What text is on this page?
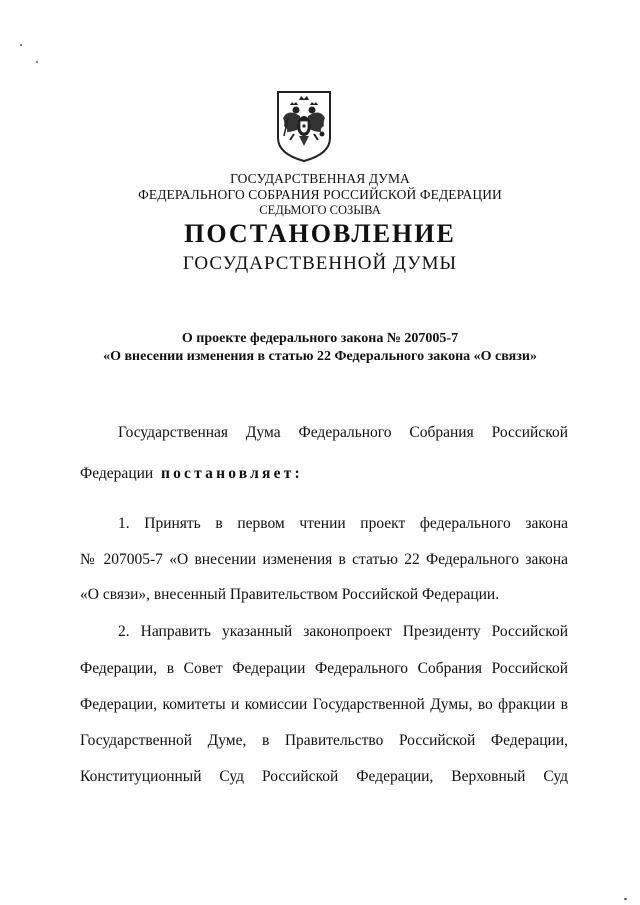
ГОСУДАРСТВЕННАЯ ДУМА
ФЕДЕРАЛЬНОГО СОБРАНИЯ РОССИЙСКОЙ ФЕДЕРАЦИИ
СЕДЬМОГО СОЗЫВА
ПОСТАНОВЛЕНИЕ
ГОСУДАРСТВЕННОЙ ДУМЫ
О проекте федерального закона № 207005-7
«О внесении изменения в статью 22 Федерального закона «О связи»
Государственная Дума Федерального Собрания Российской
Федерации постановляет:
1. Принять в первом чтении проект федерального закона
№ 207005-7 «О внесении изменения в статью 22 Федерального закона
«О связи», внесенный Правительством Российской Федерации.
2. Направить указанный законопроект Президенту Российской
Федерации, в Совет Федерации Федерального Собрания Российской
Федерации, комитеты и комиссии Государственной Думы, во фракции в
Государственной Думе, в Правительство Российской Федерации,
Конституционный Суд Российской Федерации, Верховный Суд
